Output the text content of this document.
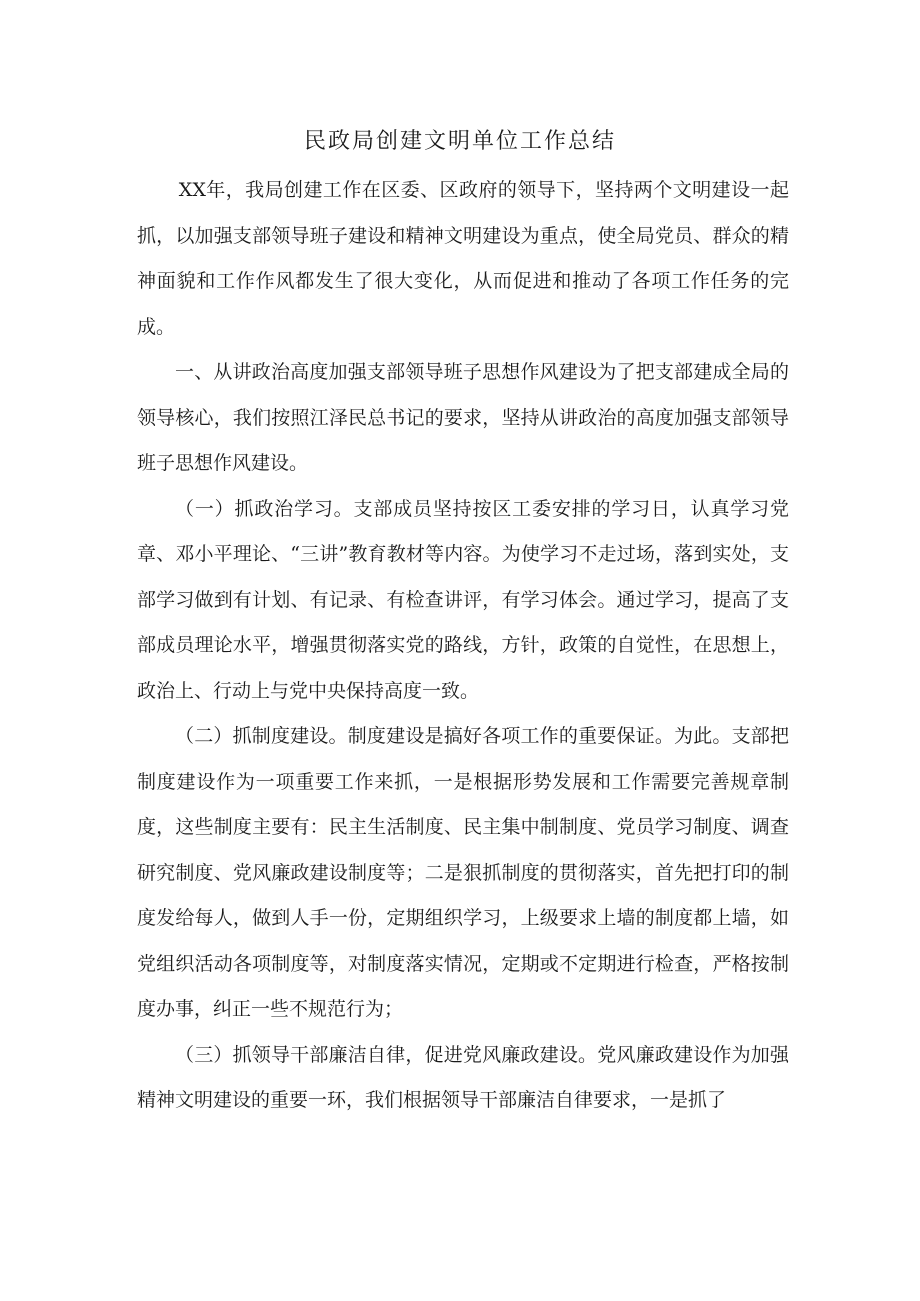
民政局创建文明单位工作总结

XX年，我局创建工作在区委、区政府的领导下，坚持两个文明建设一起抓，以加强支部领导班子建设和精神文明建设为重点，使全局党员、群众的精神面貌和工作作风都发生了很大变化，从而促进和推动了各项工作任务的完成。

一、从讲政治高度加强支部领导班子思想作风建设为了把支部建成全局的领导核心，我们按照江泽民总书记的要求，坚持从讲政治的高度加强支部领导班子思想作风建设。

（一）抓政治学习。支部成员坚持按区工委安排的学习日，认真学习党章、邓小平理论、“三讲”教育教材等内容。为使学习不走过场，落到实处，支部学习做到有计划、有记录、有检查讲评，有学习体会。通过学习，提高了支部成员理论水平，增强贯彻落实党的路线，方针，政策的自觉性，在思想上，政治上、行动上与党中央保持高度一致。

（二）抓制度建设。制度建设是搞好各项工作的重要保证。为此。支部把制度建设作为一项重要工作来抓，一是根据形势发展和工作需要完善规章制度，这些制度主要有：民主生活制度、民主集中制制度、党员学习制度、调查研究制度、党风廉政建设制度等；二是狠抓制度的贯彻落实，首先把打印的制度发给每人，做到人手一份，定期组织学习，上级要求上墙的制度都上墙，如党组织活动各项制度等，对制度落实情况，定期或不定期进行检查，严格按制度办事，纠正一些不规范行为；

（三）抓领导干部廉洁自律，促进党风廉政建设。党风廉政建设作为加强精神文明建设的重要一环，我们根据领导干部廉洁自律要求，一是抓了
